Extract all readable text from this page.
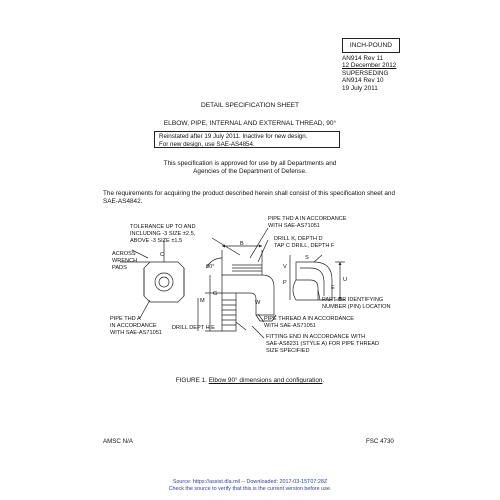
INCH-POUND
AN914 Rev 11
12 December 2012
SUPERSEDING
AN914 Rev 10
19 July 2011
DETAIL SPECIFICATION SHEET
ELBOW, PIPE, INTERNAL AND EXTERNAL THREAD, 90°
Reinstated after 19 July 2011. Inactive for new design.
For new design, use SAE-AS4854.
This specification is approved for use by all Departments and
Agencies of the Department of Defense.
The requirements for acquiring the product described herein shall consist of this specification sheet and SAE-AS4842.
TOLERANCE UP TO AND
INCLUDING -3 SIZE ±2.5,
ABOVE -3 SIZE ±1.5
ACROSS
WRENCH
PADS
PIPE THD A
IN ACCORDANCE
WITH SAE-AS71051
DRILL DEPT H E
PIPE THD A IN ACCORDANCE
WITH SAE-AS71051
DRILL K, DEPTH D
TAP C DRILL, DEPTH F
PART OR IDENTIFYING
NUMBER (PIN) LOCATION
PIPE THREAD A IN ACCORDANCE
WITH SAE-AS71051
FITTING END IN ACCORDANCE WITH
SAE-AS8231 (STYLE A) FOR PIPE THREAD
SIZE SPECIFIED
C
B
90°
G
M	W
S
V
P	U
E
FIGURE 1. Elbow 90° dimensions and configuration.
AMSC N/A	FSC 4730
Source: https://assist.dla.mil -- Downloaded: 2017-03-15T07:28Z
Check the source to verify that this is the current version before use.
